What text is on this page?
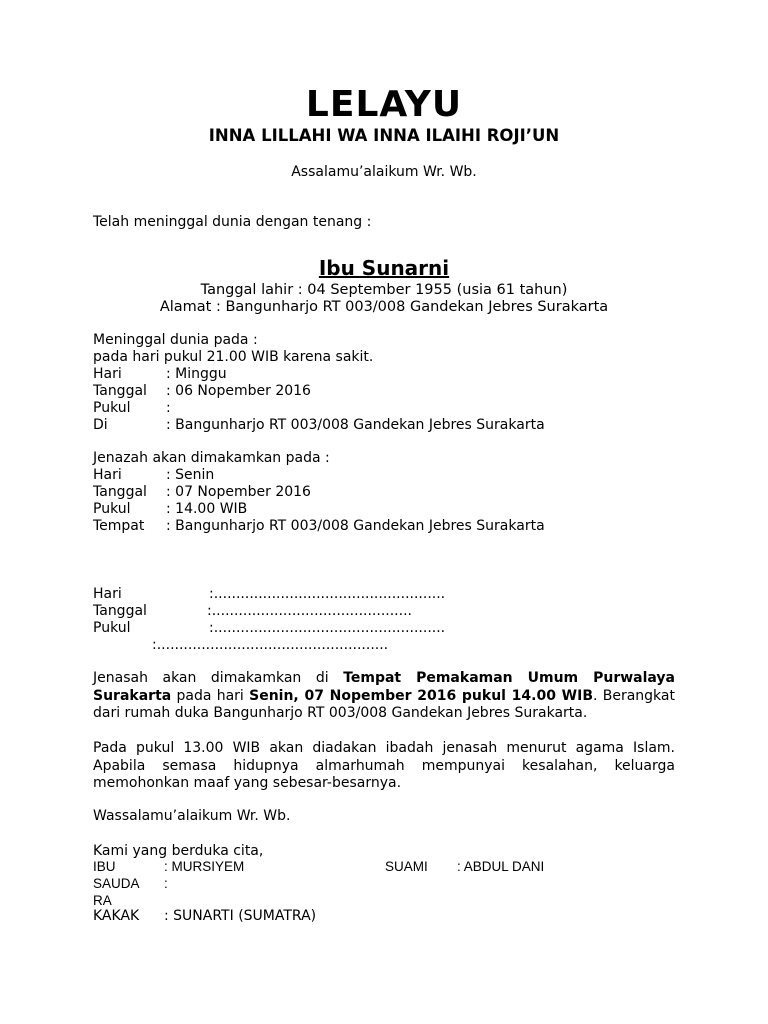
LELAYU
INNA LILLAHI WA INNA ILAIHI ROJI’UN
Assalamu’alaikum Wr. Wb.
Telah meninggal dunia dengan tenang :
Ibu Sunarni
Tanggal lahir : 04 September 1955 (usia 61 tahun)
Alamat : Bangunharjo RT 003/008 Gandekan Jebres Surakarta
Meninggal dunia pada :
pada hari pukul 21.00 WIB karena sakit.
Hari	: Minggu
Tanggal : 06 Nopember 2016
Pukul	:
Di	: Bangunharjo RT 003/008 Gandekan Jebres Surakarta
Jenazah akan dimakamkan pada :
Hari	: Senin
Tanggal : 07 Nopember 2016
Pukul	: 14.00 WIB
Tempat : Bangunharjo RT 003/008 Gandekan Jebres Surakarta
Hari	:....................................................
Tanggal	:.............................................
Pukul	:....................................................
:....................................................
Jenasah akan dimakamkan di Tempat Pemakaman Umum Purwalaya Surakarta pada hari Senin, 07 Nopember 2016 pukul 14.00 WIB. Berangkat dari rumah duka Bangunharjo RT 003/008 Gandekan Jebres Surakarta.
Pada pukul 13.00 WIB akan diadakan ibadah jenasah menurut agama Islam. Apabila semasa hidupnya almarhumah mempunyai kesalahan, keluarga memohonkan maaf yang sebesar-besarnya.
Wassalamu’alaikum Wr. Wb.
Kami yang berduka cita,
IBU	: MURSIYEM	SUAMI : ABDUL DANI
SAUDA :
RA
KAKAK : SUNARTI (SUMATRA)
